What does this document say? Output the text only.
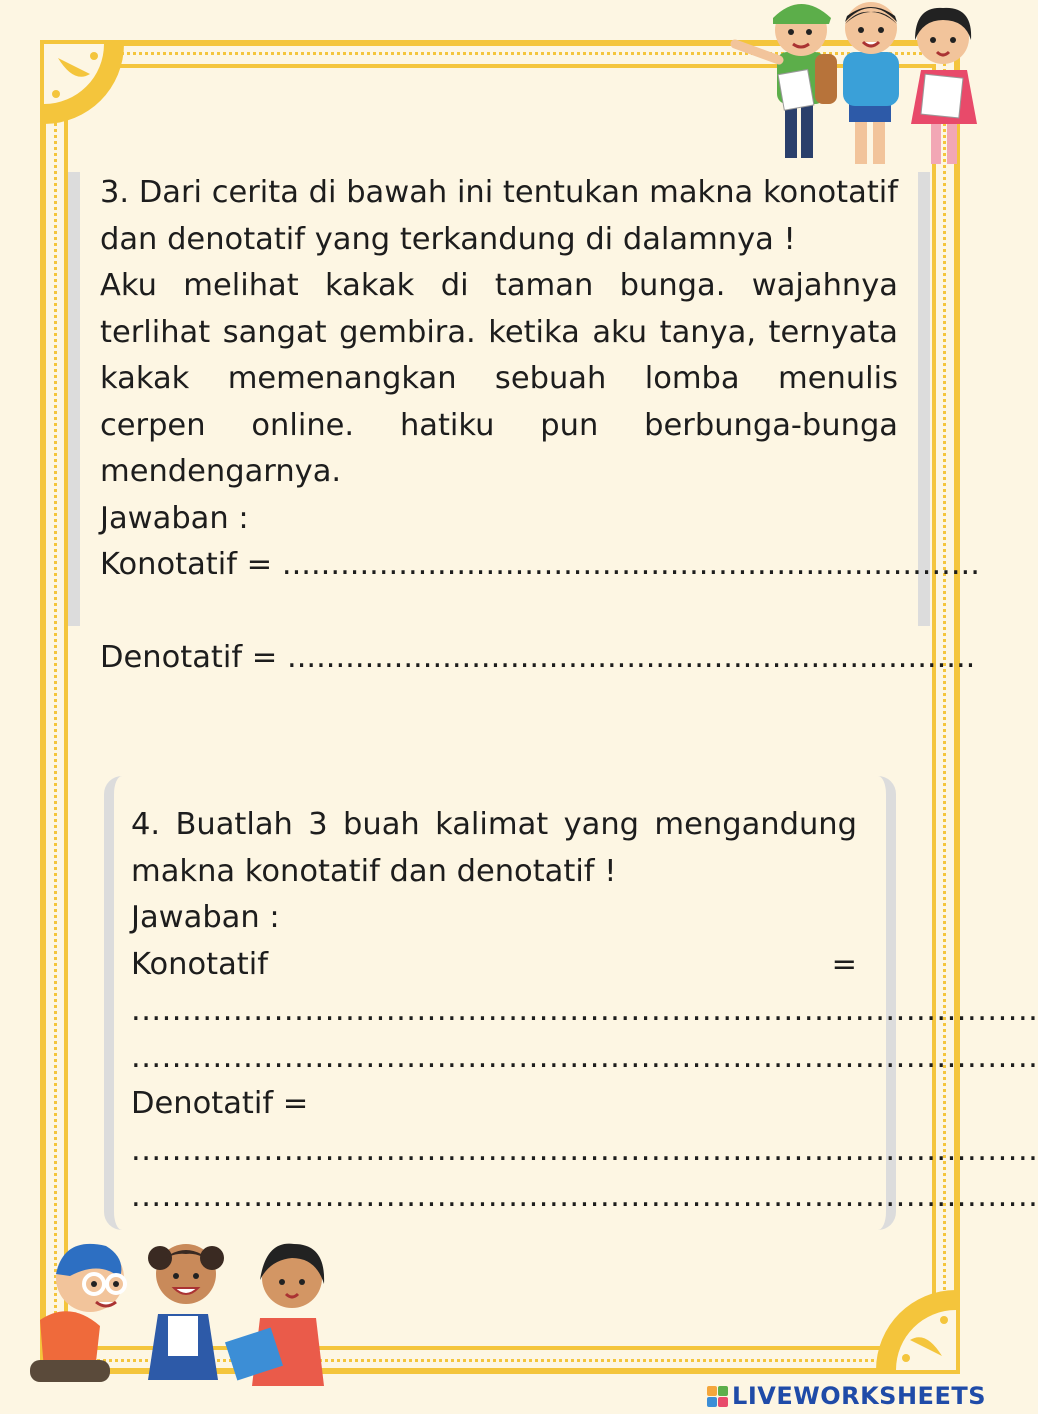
3. Dari cerita di bawah ini tentukan makna konotatif dan denotatif yang terkandung di dalamnya !
Aku melihat kakak di taman bunga. wajahnya terlihat sangat gembira. ketika aku tanya, ternyata kakak memenangkan sebuah lomba menulis cerpen online. hatiku pun berbunga-bunga mendengarnya.
Jawaban :
Konotatif = ........................................................................
Denotatif = .......................................................................
4. Buatlah 3 buah kalimat yang mengandung makna konotatif dan denotatif !
Jawaban :
Konotatif	=
.........................................................................................
.........................................................................................
Denotatif =
.........................................................................................
.........................................................................................
LIVEWORKSHEETS
